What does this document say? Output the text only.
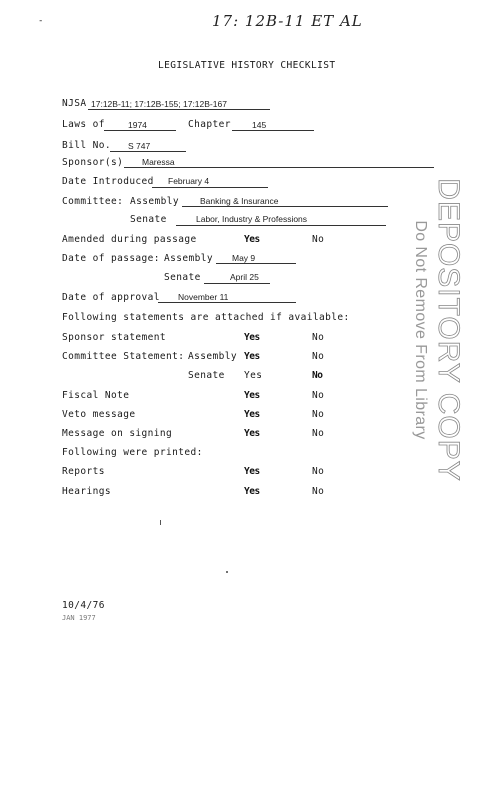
17: 12B-11 ET AL
‐
LEGISLATIVE HISTORY CHECKLIST
NJSA 17:12B-11; 17:12B-155; 17:12B-167
Laws of	1974	Chapter 145
Bill No. S 747
Sponsor(s) Maressa
Date Introduced February 4
Committee: Assembly Banking & Insurance
Senate	Labor, Industry & Professions
Amended during passage	Yes	No
Date of passage: Assembly May 9
Senate	April 25
Date of approval November 11
Following statements are attached if available:
Sponsor statement	Yes	No
Committee Statement: Assembly Yes	No
Senate Yes	No
Fiscal Note	Yes	No
Veto message	Yes	No
Message on signing	Yes	No
Following were printed:
Reports	Yes	No
Hearings	Yes	No
10/4/76
JAN 1977
DEPOSITORY COPY
Do Not Remove From Library
